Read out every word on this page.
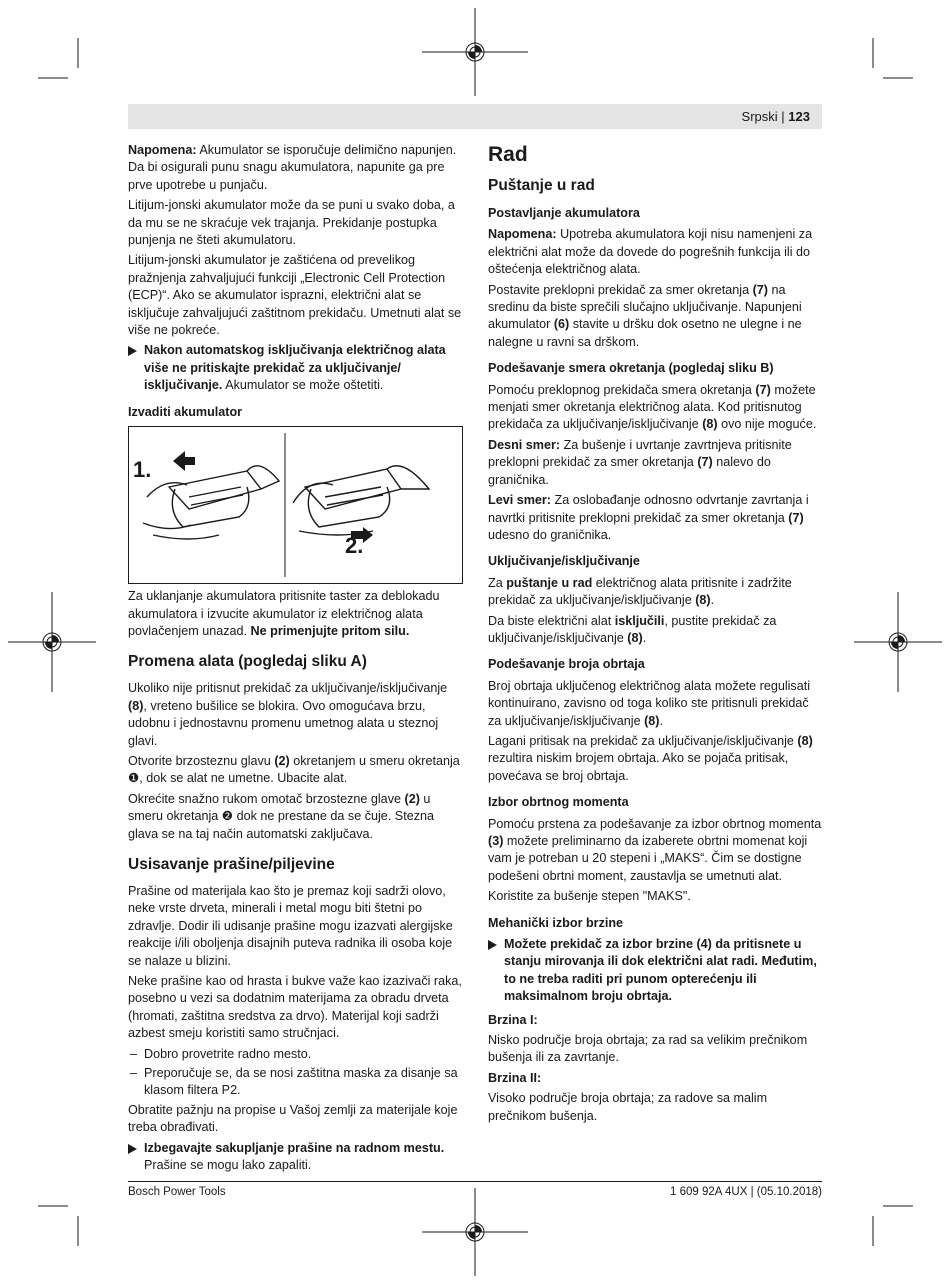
Srpski | 123

Napomena: Akumulator se isporučuje delimično napunjen. Da bi osigurali punu snagu akumulatora, napunite ga pre prve upotrebe u punjaču.

Litijum-jonski akumulator može da se puni u svako doba, a da mu se ne skraćuje vek trajanja. Prekidanje postupka punjenja ne šteti akumulatoru.

Litijum-jonski akumulator je zaštićena od prevelikog pražnjenja zahvaljujući funkciji „Electronic Cell Protection (ECP)“. Ako se akumulator isprazni, električni alat se isključuje zahvaljujući zaštitnom prekidaču. Umetnuti alat se više ne pokreće.

Nakon automatskog isključivanja električnog alata više ne pritiskajte prekidač za uključivanje/ isključivanje. Akumulator se može oštetiti.
Izvaditi akumulator
1.
2.

Za uklanjanje akumulatora pritisnite taster za deblokadu akumulatora i izvucite akumulator iz električnog alata povlačenjem unazad. Ne primenjujte pritom silu.

Promena alata (pogledaj sliku A)

Ukoliko nije pritisnut prekidač za uključivanje/isključivanje (8), vreteno bušilice se blokira. Ovo omogućava brzu, udobnu i jednostavnu promenu umetnog alata u steznoj glavi.

Otvorite brzosteznu glavu (2) okretanjem u smeru okretanja ❶, dok se alat ne umetne. Ubacite alat.

Okrećite snažno rukom omotač brzostezne glave (2) u smeru okretanja ❷ dok ne prestane da se čuje. Stezna glava se na taj način automatski zaključava.

Usisavanje prašine/piljevine

Prašine od materijala kao što je premaz koji sadrži olovo, neke vrste drveta, minerali i metal mogu biti štetni po zdravlje. Dodir ili udisanje prašine mogu izazvati alergijske reakcije i/ili oboljenja disajnih puteva radnika ili osoba koje se nalaze u blizini.

Neke prašine kao od hrasta i bukve važe kao izazivači raka, posebno u vezi sa dodatnim materijama za obradu drveta (hromati, zaštitna sredstva za drvo). Materijal koji sadrži azbest smeju koristiti samo stručnjaci.

– Dobro provetrite radno mesto.
– Preporučuje se, da se nosi zaštitna maska za disanje sa klasom filtera P2.

Obratite pažnju na propise u Vašoj zemlji za materijale koje treba obrađivati.

Izbegavajte sakupljanje prašine na radnom mestu. Prašine se mogu lako zapaliti.
Rad
Puštanje u rad
Postavljanje akumulatora

Napomena: Upotreba akumulatora koji nisu namenjeni za električni alat može da dovede do pogrešnih funkcija ili do oštećenja električnog alata.

Postavite preklopni prekidač za smer okretanja (7) na sredinu da biste sprečili slučajno uključivanje. Napunjeni akumulator (6) stavite u dršku dok osetno ne ulegne i ne nalegne u ravni sa drškom.

Podešavanje smera okretanja (pogledaj sliku B)

Pomoću preklopnog prekidača smera okretanja (7) možete menjati smer okretanja električnog alata. Kod pritisnutog prekidača za uključivanje/isključivanje (8) ovo nije moguće.

Desni smer: Za bušenje i uvrtanje zavrtnjeva pritisnite preklopni prekidač za smer okretanja (7) nalevo do graničnika.

Levi smer: Za oslobađanje odnosno odvrtanje zavrtanja i navrtki pritisnite preklopni prekidač za smer okretanja (7) udesno do graničnika.

Uključivanje/isključivanje

Za puštanje u rad električnog alata pritisnite i zadržite prekidač za uključivanje/isključivanje (8).

Da biste električni alat isključili, pustite prekidač za uključivanje/isključivanje (8).

Podešavanje broja obrtaja

Broj obrtaja uključenog električnog alata možete regulisati kontinuirano, zavisno od toga koliko ste pritisnuli prekidač za uključivanje/isključivanje (8).

Lagani pritisak na prekidač za uključivanje/isključivanje (8) rezultira niskim brojem obrtaja. Ako se pojača pritisak, povećava se broj obrtaja.

Izbor obrtnog momenta

Pomoću prstena za podešavanje za izbor obrtnog momenta (3) možete preliminarno da izaberete obrtni momenat koji vam je potreban u 20 stepeni i „MAKS“. Čim se dostigne podešeni obrtni moment, zaustavlja se umetnuti alat.

Koristite za bušenje stepen "MAKS".

Mehanički izbor brzine
Možete prekidač za izbor brzine (4) da pritisnete u stanju mirovanja ili dok električni alat radi. Međutim, to ne treba raditi pri punom opterećenju ili maksimalnom broju obrtaja.

Brzina I:

Nisko područje broja obrtaja; za rad sa velikim prečnikom bušenja ili za zavrtanje.

Brzina II:

Visoko područje broja obrtaja; za radove sa malim prečnikom bušenja.

Bosch Power Tools	1 609 92A 4UX | (05.10.2018)
